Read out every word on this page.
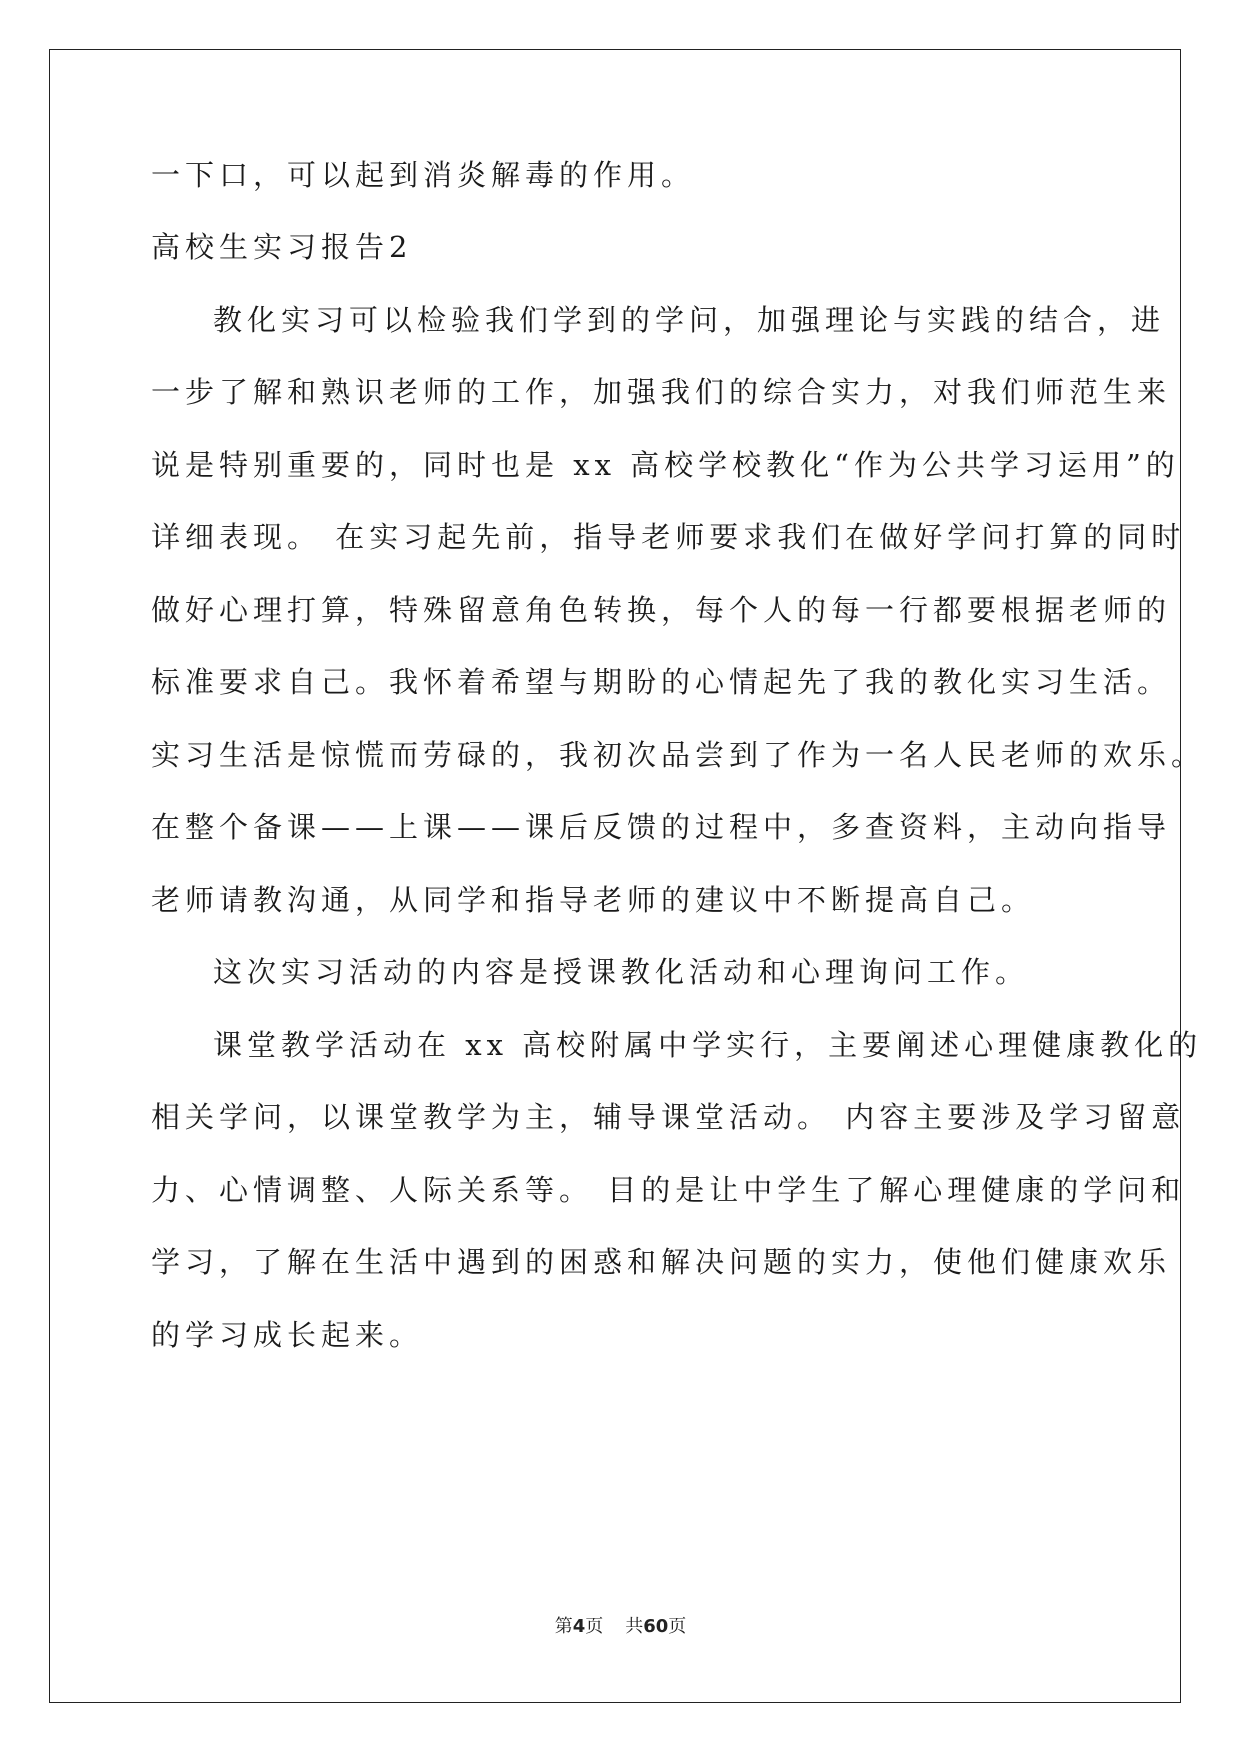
一下口，可以起到消炎解毒的作用。
高校生实习报告2
教化实习可以检验我们学到的学问，加强理论与实践的结合，进
一步了解和熟识老师的工作，加强我们的综合实力，对我们师范生来
说是特别重要的，同时也是 xx 高校学校教化“作为公共学习运用”的
详细表现。 在实习起先前，指导老师要求我们在做好学问打算的同时
做好心理打算，特殊留意角色转换，每个人的每一行都要根据老师的
标准要求自己。我怀着希望与期盼的心情起先了我的教化实习生活。
实习生活是惊慌而劳碌的，我初次品尝到了作为一名人民老师的欢乐。
在整个备课——上课——课后反馈的过程中，多查资料，主动向指导
老师请教沟通，从同学和指导老师的建议中不断提高自己。
这次实习活动的内容是授课教化活动和心理询问工作。
课堂教学活动在 xx 高校附属中学实行，主要阐述心理健康教化的
相关学问，以课堂教学为主，辅导课堂活动。 内容主要涉及学习留意
力、心情调整、人际关系等。 目的是让中学生了解心理健康的学问和
学习，了解在生活中遇到的困惑和解决问题的实力，使他们健康欢乐
的学习成长起来。
第4页 共60页
